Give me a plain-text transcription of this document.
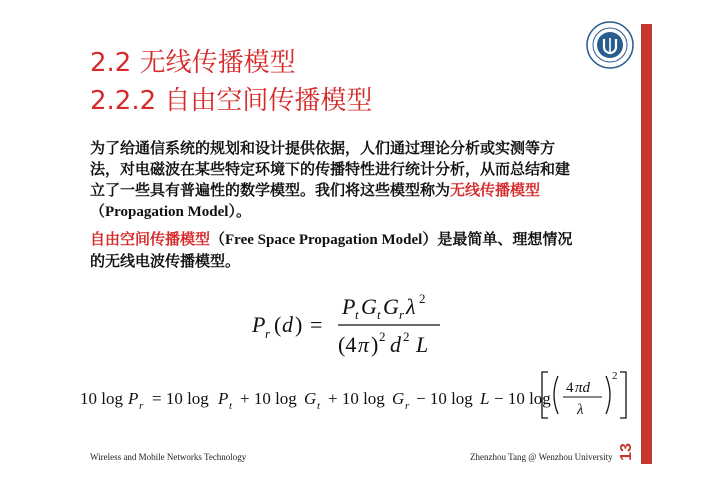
2.2 无线传播模型
2.2.2 自由空间传播模型
13
为了给通信系统的规划和设计提供依据，人们通过理论分析或实测等方法，对电磁波在某些特定环境下的传播特性进行统计分析，从而总结和建立了一些具有普遍性的数学模型。我们将这些模型称为无线传播模型（Propagation Model）。
自由空间传播模型（Free Space Propagation Model）是最简单、理想情况的无线电波传播模型。
P r ( d ) =
P t G t G r λ 2
(4 π ) 2 d 2 L
10 log P r = 10 log P t + 10 log G t + 10 log G r − 10 log L − 10 log
4 πd
λ
2
Wireless and Mobile Networks Technology	Zhenzhou Tang @ Wenzhou University
